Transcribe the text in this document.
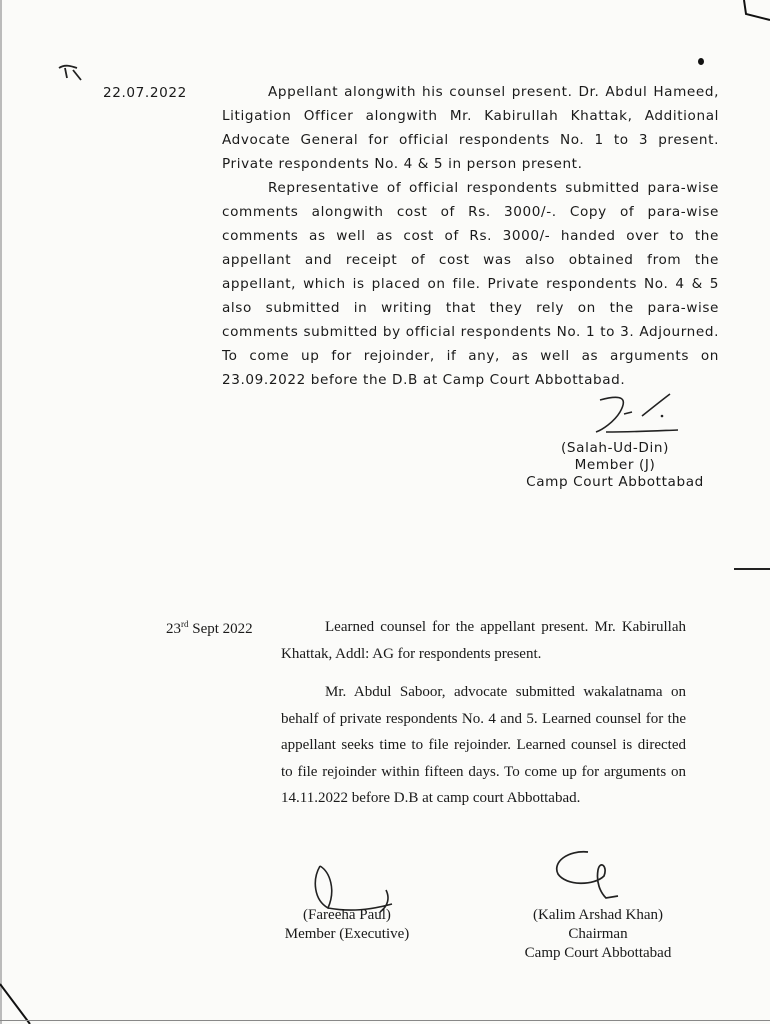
22.07.2022	Appellant alongwith his counsel present. Dr. Abdul Hameed, Litigation Officer alongwith Mr. Kabirullah Khattak, Additional Advocate General for official respondents No. 1 to 3 present. Private respondents No. 4 & 5 in person present.

Representative of official respondents submitted para-wise comments alongwith cost of Rs. 3000/-. Copy of para-wise comments as well as cost of Rs. 3000/- handed over to the appellant and receipt of cost was also obtained from the appellant, which is placed on file. Private respondents No. 4 & 5 also submitted in writing that they rely on the para-wise comments submitted by official respondents No. 1 to 3. Adjourned. To come up for rejoinder, if any, as well as arguments on 23.09.2022 before the D.B at Camp Court Abbottabad.

(Salah-Ud-Din)
Member (J)
Camp Court Abbottabad
23rd Sept 2022	Learned counsel for the appellant present. Mr. Kabirullah Khattak, Addl: AG for respondents present.

Mr. Abdul Saboor, advocate submitted wakalatnama on behalf of private respondents No. 4 and 5. Learned counsel for the appellant seeks time to file rejoinder. Learned counsel is directed to file rejoinder within fifteen days. To come up for arguments on 14.11.2022 before D.B at camp court Abbottabad.

(Fareeha Paul)
Member (Executive)
(Kalim Arshad Khan)
Chairman
Camp Court Abbottabad
